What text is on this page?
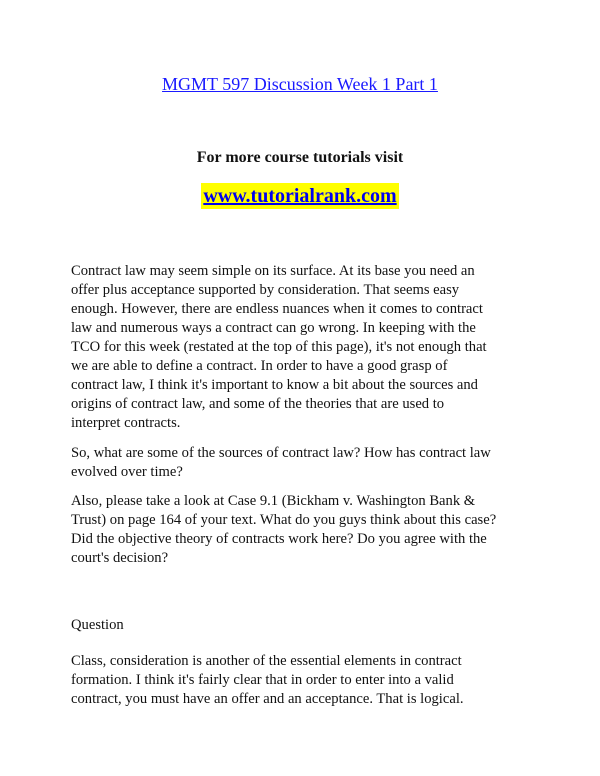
MGMT 597 Discussion Week 1 Part 1
For more course tutorials visit
www.tutorialrank.com

Contract law may seem simple on its surface. At its base you need an
offer plus acceptance supported by consideration. That seems easy
enough. However, there are endless nuances when it comes to contract
law and numerous ways a contract can go wrong. In keeping with the
TCO for this week (restated at the top of this page), it's not enough that
we are able to define a contract. In order to have a good grasp of
contract law, I think it's important to know a bit about the sources and
origins of contract law, and some of the theories that are used to
interpret contracts.

So, what are some of the sources of contract law? How has contract law
evolved over time?

Also, please take a look at Case 9.1 (Bickham v. Washington Bank &
Trust) on page 164 of your text. What do you guys think about this case?
Did the objective theory of contracts work here? Do you agree with the
court's decision?

Question

Class, consideration is another of the essential elements in contract
formation. I think it's fairly clear that in order to enter into a valid
contract, you must have an offer and an acceptance. That is logical.
